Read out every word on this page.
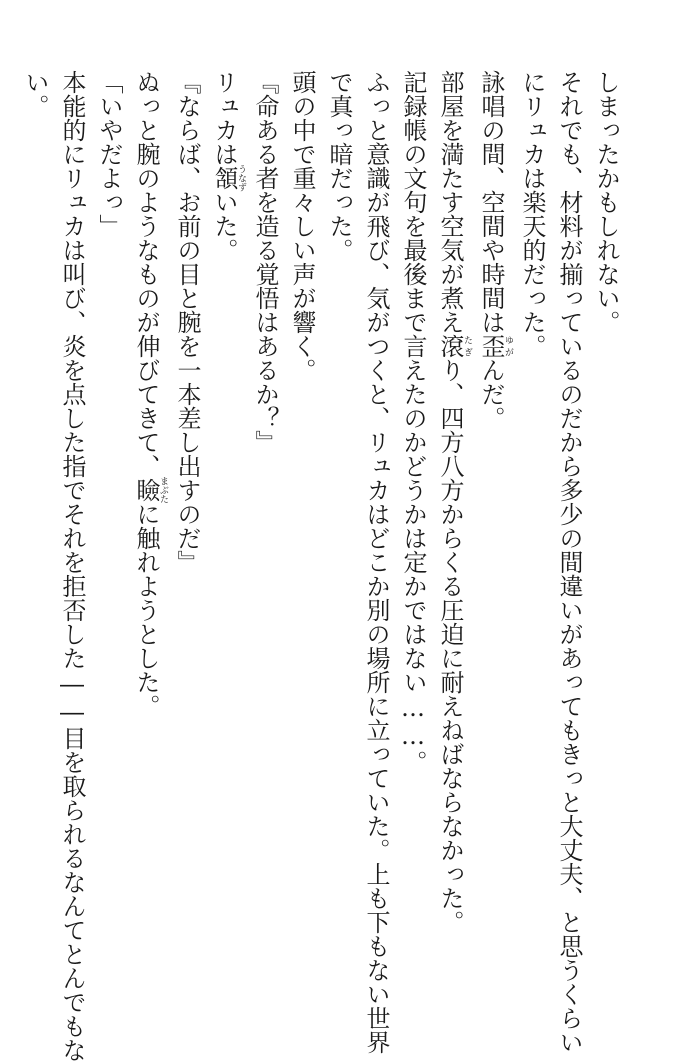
しまったかもしれない。
それでも、材料が揃っているのだから多少の間違いがあってもきっと大丈夫、と思うくらい
にリュカは楽天的だった。
詠唱の間、空間や時間は歪ゆがんだ。
部屋を満たす空気が煮え滾たぎり、四方八方からくる圧迫に耐えねばならなかった。
記録帳の文句を最後まで言えたのかどうかは定かではない……。
ふっと意識が飛び、気がつくと、リュカはどこか別の場所に立っていた。上も下もない世界
で真っ暗だった。
頭の中で重々しい声が響く。
『命ある者を造る覚悟はあるか？』
リュカは頷うなずいた。
『ならば、お前の目と腕を一本差し出すのだ』
ぬっと腕のようなものが伸びてきて、瞼まぶたに触れようとした。
「いやだよっ」
本能的にリュカは叫び、炎を点した指でそれを拒否した――目を取られるなんてとんでもな
い。
